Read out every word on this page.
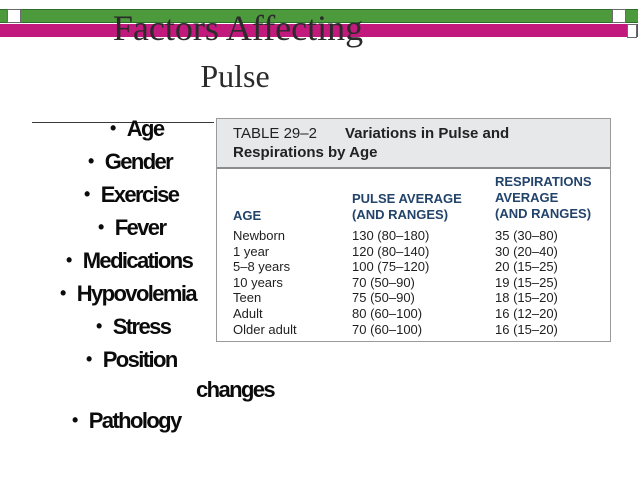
Factors Affecting
Pulse
• Age
• Gender
• Exercise
• Fever
• Medications
• Hypovolemia
• Stress
• Position
changes
• Pathology
TABLE 29–2 Variations in Pulse and
Respirations by Age
AGE
PULSE AVERAGE
(AND RANGES)
RESPIRATIONS
AVERAGE
(AND RANGES)
Newborn
1 year
5–8 years
10 years
Teen
Adult
Older adult
130 (80–180)
120 (80–140)
100 (75–120)
70 (50–90)
75 (50–90)
80 (60–100)
70 (60–100)
35 (30–80)
30 (20–40)
20 (15–25)
19 (15–25)
18 (15–20)
16 (12–20)
16 (15–20)
